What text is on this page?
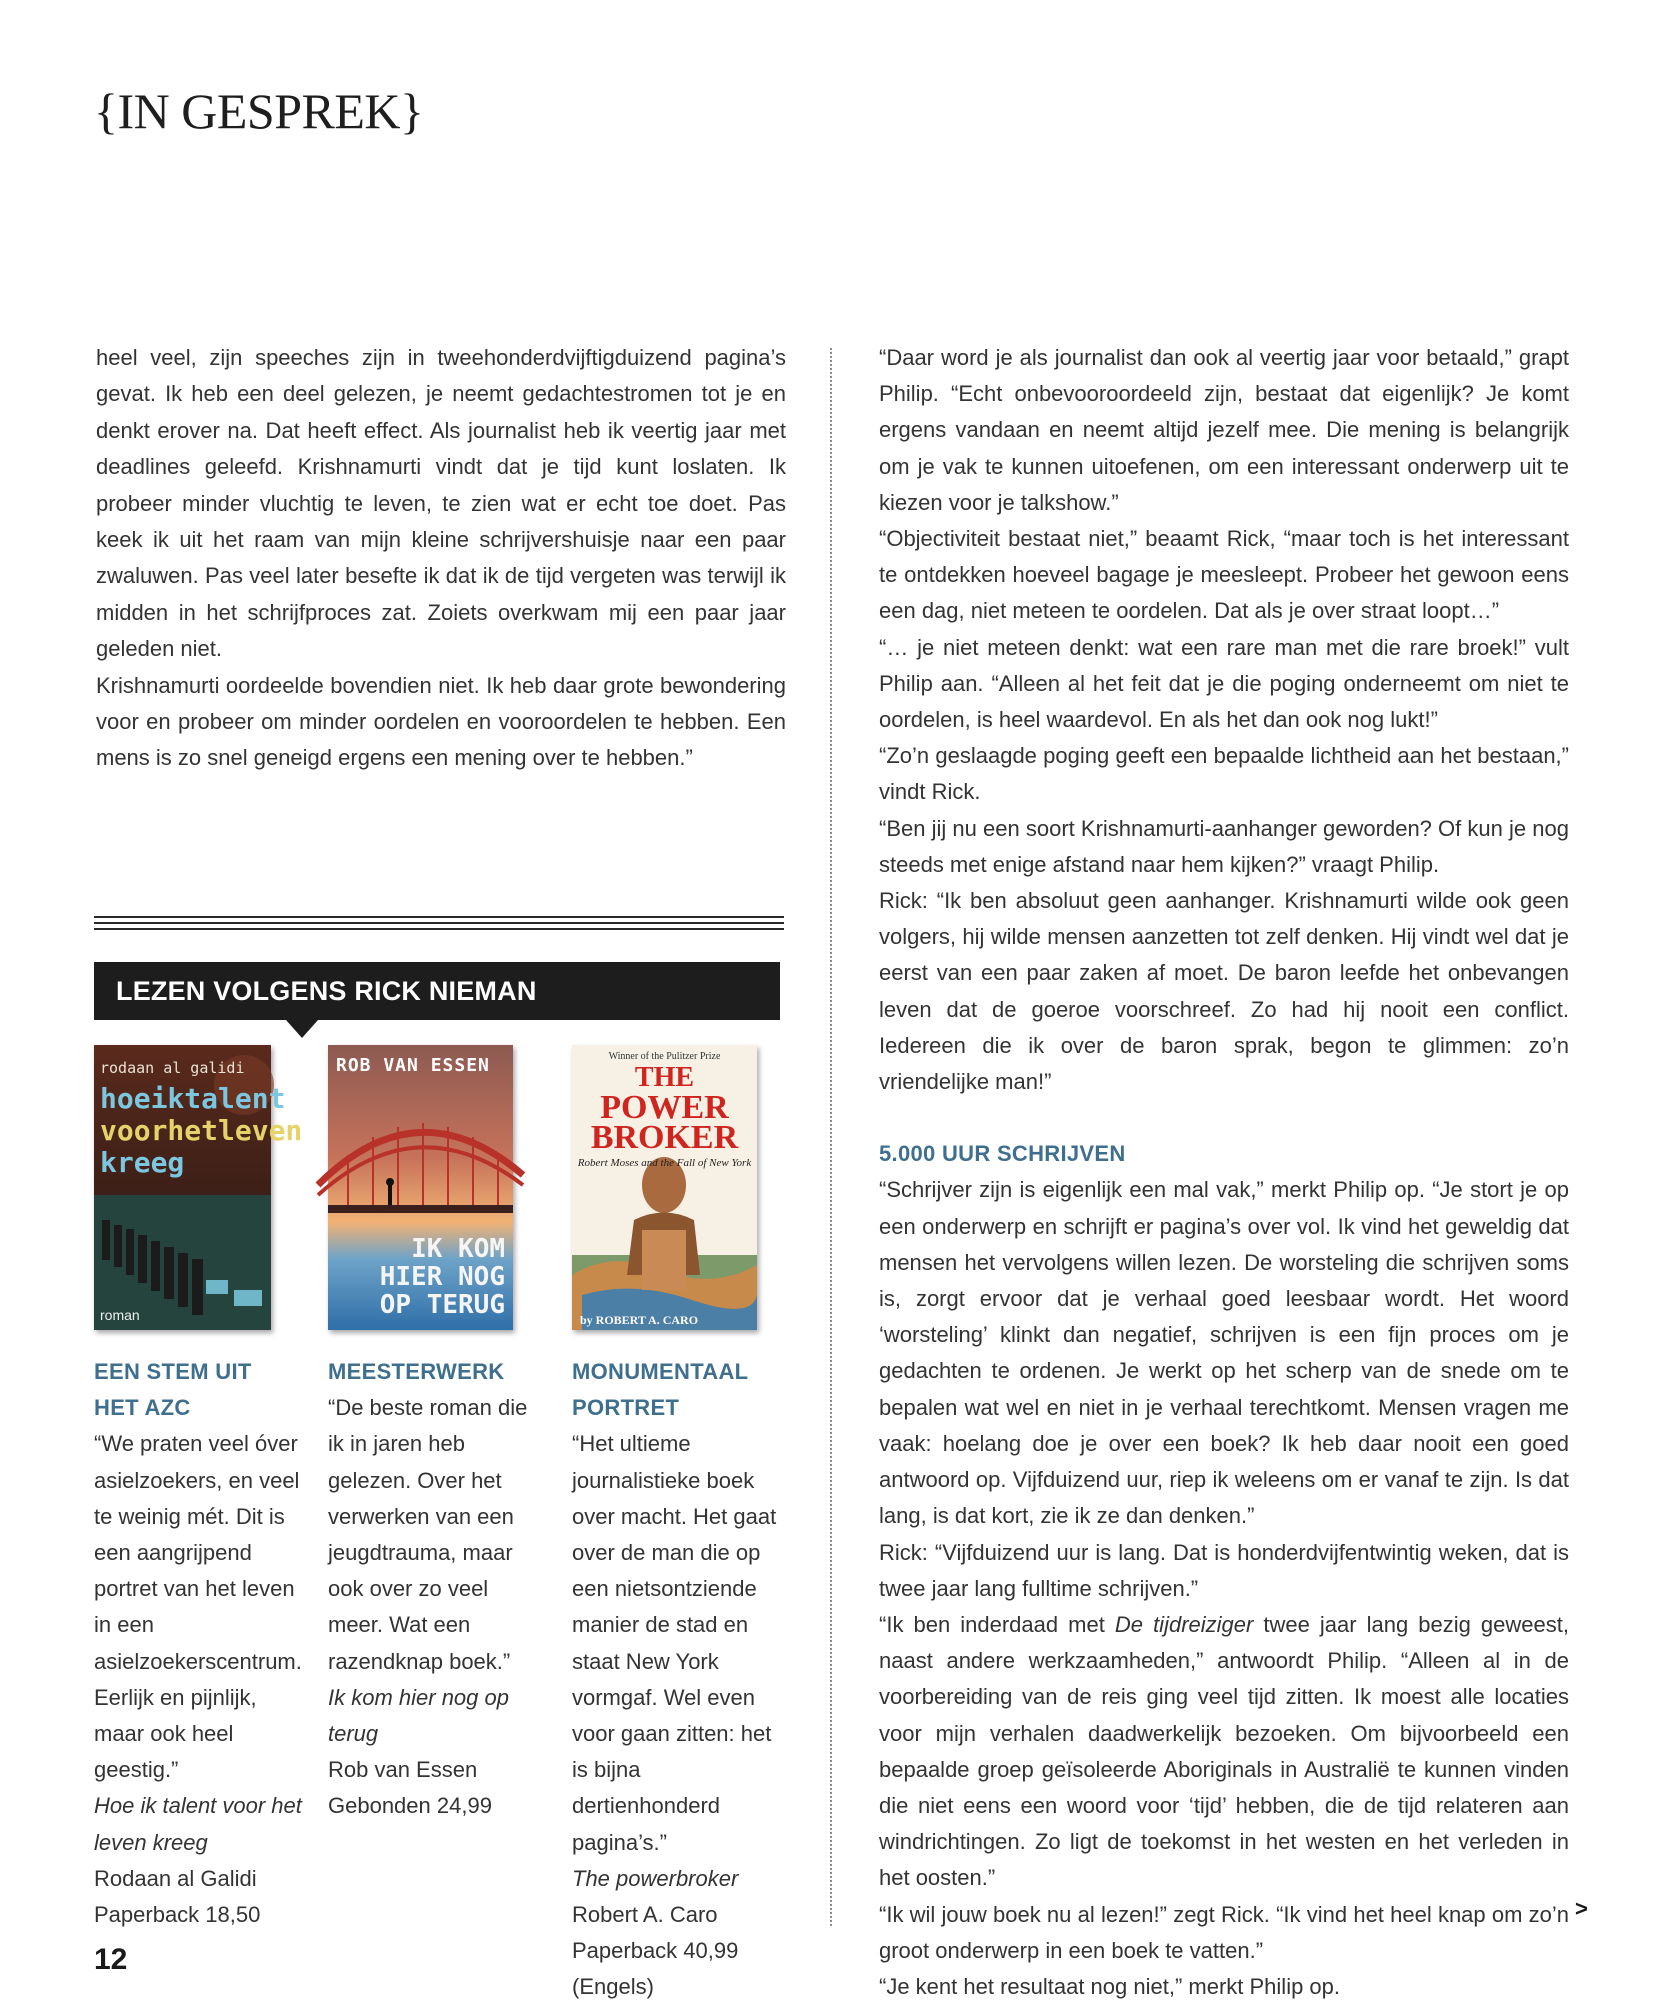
{IN GESPREK}

heel veel, zijn speeches zijn in tweehonderdvijftigduizend pagina’s gevat. Ik heb een deel gelezen, je neemt gedachtestromen tot je en denkt erover na. Dat heeft effect. Als journalist heb ik veertig jaar met deadlines geleefd. Krishnamurti vindt dat je tijd kunt loslaten. Ik probeer minder vluchtig te leven, te zien wat er echt toe doet. Pas keek ik uit het raam van mijn kleine schrijvershuisje naar een paar zwaluwen. Pas veel later besefte ik dat ik de tijd vergeten was terwijl ik midden in het schrijfproces zat. Zoiets overkwam mij een paar jaar geleden niet.

Krishnamurti oordeelde bovendien niet. Ik heb daar grote bewondering voor en probeer om minder oordelen en vooroordelen te hebben. Een mens is zo snel geneigd ergens een mening over te hebben.”

LEZEN VOLGENS RICK NIEMAN
rodaan al galidi
hoeiktalent
voorhetleven
kreeg
roman
ROB VAN ESSEN
IK KOM
HIER NOG
OP TERUG
Winner of the Pulitzer Prize
THE
POWER
BROKER
Robert Moses and the Fall of New York
by ROBERT A. CARO

EEN STEM UIT

HET AZC

“We praten veel óver asielzoekers, en veel te weinig mét. Dit is een aangrijpend portret van het leven in een asielzoekerscentrum. Eerlijk en pijnlijk, maar ook heel geestig.”

Hoe ik talent voor het leven kreeg

Rodaan al Galidi

Paperback 18,50

MEESTERWERK

“De beste roman die ik in jaren heb gelezen. Over het verwerken van een jeugdtrauma, maar ook over zo veel meer. Wat een razendknap boek.”

Ik kom hier nog op terug

Rob van Essen

Gebonden 24,99

MONUMENTAAL

PORTRET

“Het ultieme journalistieke boek over macht. Het gaat over de man die op een nietsontziende manier de stad en staat New York vormgaf. Wel even voor gaan zitten: het is bijna dertienhonderd pagina’s.”

The powerbroker

Robert A. Caro

Paperback 40,99

(Engels)

“Daar word je als journalist dan ook al veertig jaar voor betaald,” grapt Philip. “Echt onbevooroordeeld zijn, bestaat dat eigenlijk? Je komt ergens vandaan en neemt altijd jezelf mee. Die mening is belangrijk om je vak te kunnen uitoefenen, om een interessant onderwerp uit te kiezen voor je talkshow.”

“Objectiviteit bestaat niet,” beaamt Rick, “maar toch is het interessant te ontdekken hoeveel bagage je meesleept. Probeer het gewoon eens een dag, niet meteen te oordelen. Dat als je over straat loopt…”

“… je niet meteen denkt: wat een rare man met die rare broek!” vult Philip aan. “Alleen al het feit dat je die poging onderneemt om niet te oordelen, is heel waardevol. En als het dan ook nog lukt!”

“Zo’n geslaagde poging geeft een bepaalde lichtheid aan het bestaan,” vindt Rick.

“Ben jij nu een soort Krishnamurti-aanhanger geworden? Of kun je nog steeds met enige afstand naar hem kijken?” vraagt Philip.

Rick: “Ik ben absoluut geen aanhanger. Krishnamurti wilde ook geen volgers, hij wilde mensen aanzetten tot zelf denken. Hij vindt wel dat je eerst van een paar zaken af moet. De baron leefde het onbevangen leven dat de goeroe voorschreef. Zo had hij nooit een conflict. Iedereen die ik over de baron sprak, begon te glimmen: zo’n vriendelijke man!”

5.000 UUR SCHRIJVEN

“Schrijver zijn is eigenlijk een mal vak,” merkt Philip op. “Je stort je op een onderwerp en schrijft er pagina’s over vol. Ik vind het geweldig dat mensen het vervolgens willen lezen. De worsteling die schrijven soms is, zorgt ervoor dat je verhaal goed leesbaar wordt. Het woord ‘worsteling’ klinkt dan negatief, schrijven is een fijn proces om je gedachten te ordenen. Je werkt op het scherp van de snede om te bepalen wat wel en niet in je verhaal terechtkomt. Mensen vragen me vaak: hoelang doe je over een boek? Ik heb daar nooit een goed antwoord op. Vijfduizend uur, riep ik weleens om er vanaf te zijn. Is dat lang, is dat kort, zie ik ze dan denken.”

Rick: “Vijfduizend uur is lang. Dat is honderdvijfentwintig weken, dat is twee jaar lang fulltime schrijven.”

“Ik ben inderdaad met De tijdreiziger twee jaar lang bezig geweest, naast andere werkzaamheden,” antwoordt Philip. “Alleen al in de voorbereiding van de reis ging veel tijd zitten. Ik moest alle locaties voor mijn verhalen daadwerkelijk bezoeken. Om bijvoorbeeld een bepaalde groep geïsoleerde Aboriginals in Australië te kunnen vinden die niet eens een woord voor ‘tijd’ hebben, die de tijd relateren aan windrichtingen. Zo ligt de toekomst in het westen en het verleden in het oosten.”

“Ik wil jouw boek nu al lezen!” zegt Rick. “Ik vind het heel knap om zo’n groot onderwerp in een boek te vatten.”

“Je kent het resultaat nog niet,” merkt Philip op.

>
12
